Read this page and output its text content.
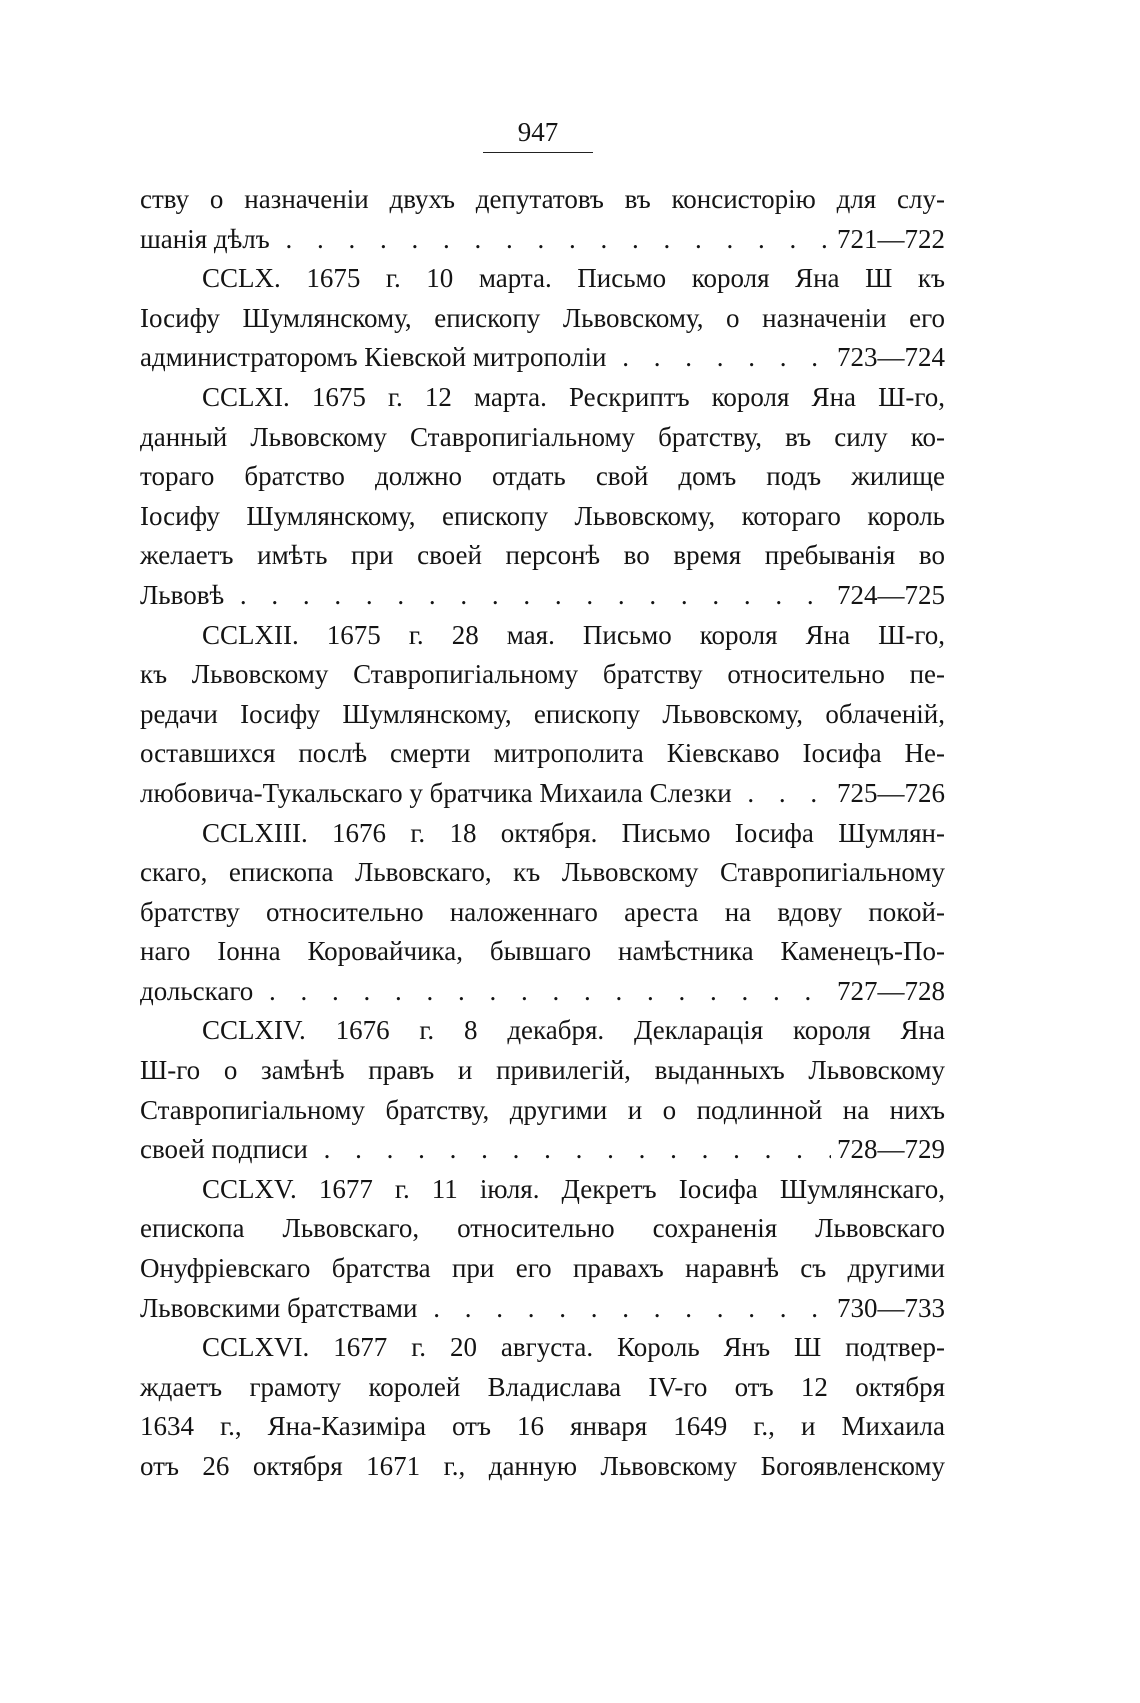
947
ству о назначеніи двухъ депутатовъ въ консисторію для слу-
шанія дѣлъ . . .	721—722
CCLX. 1675 г. 10 марта. Письмо короля Яна Ш къ
Іосифу Шумлянскому, епископу Львовскому, о назначеніи его
администраторомъ Кіевской митрополіи . . .	723—724
CCLXI. 1675 г. 12 марта. Рескриптъ короля Яна Ш-го,
данный Львовскому Ставропигіальному братству, въ силу ко-
тораго братство должно отдать свой домъ подъ жилище
Іосифу Шумлянскому, епископу Львовскому, котораго король
желаетъ имѣть при своей персонѣ во время пребыванія во
Львовѣ . . .	724—725
CCLXII. 1675 г. 28 мая. Письмо короля Яна Ш-го,
къ Львовскому Ставропигіальному братству относительно пе-
редачи Іосифу Шумлянскому, епископу Львовскому, облаченій,
оставшихся послѣ смерти митрополита Кіевскаво Іосифа Не-
любовича-Тукальскаго у братчика Михаила Слезки . . .	725—726
CCLXIII. 1676 г. 18 октября. Письмо Іосифа Шумлян-
скаго, епископа Львовскаго, къ Львовскому Ставропигіальному
братству относительно наложеннаго ареста на вдову покой-
наго Іонна Коровайчика, бывшаго намѣстника Каменецъ-По-
дольскаго . . .	727—728
CCLXIV. 1676 г. 8 декабря. Декларація короля Яна
Ш-го о замѣнѣ правъ и привилегій, выданныхъ Львовскому
Ставропигіальному братству, другими и о подлинной на нихъ
своей подписи . . .	728—729
CCLXV. 1677 г. 11 іюля. Декретъ Іосифа Шумлянскаго,
епископа Львовскаго, относительно сохраненія Львовскаго
Онуфріевскаго братства при его правахъ наравнѣ съ другими
Львовскими братствами . . .	730—733
CCLXVI. 1677 г. 20 августа. Король Янъ Ш подтвер-
ждаетъ грамоту королей Владислава IV-го отъ 12 октября
1634 г., Яна-Казиміра отъ 16 января 1649 г., и Михаила
отъ 26 октября 1671 г., данную Львовскому Богоявленскому
